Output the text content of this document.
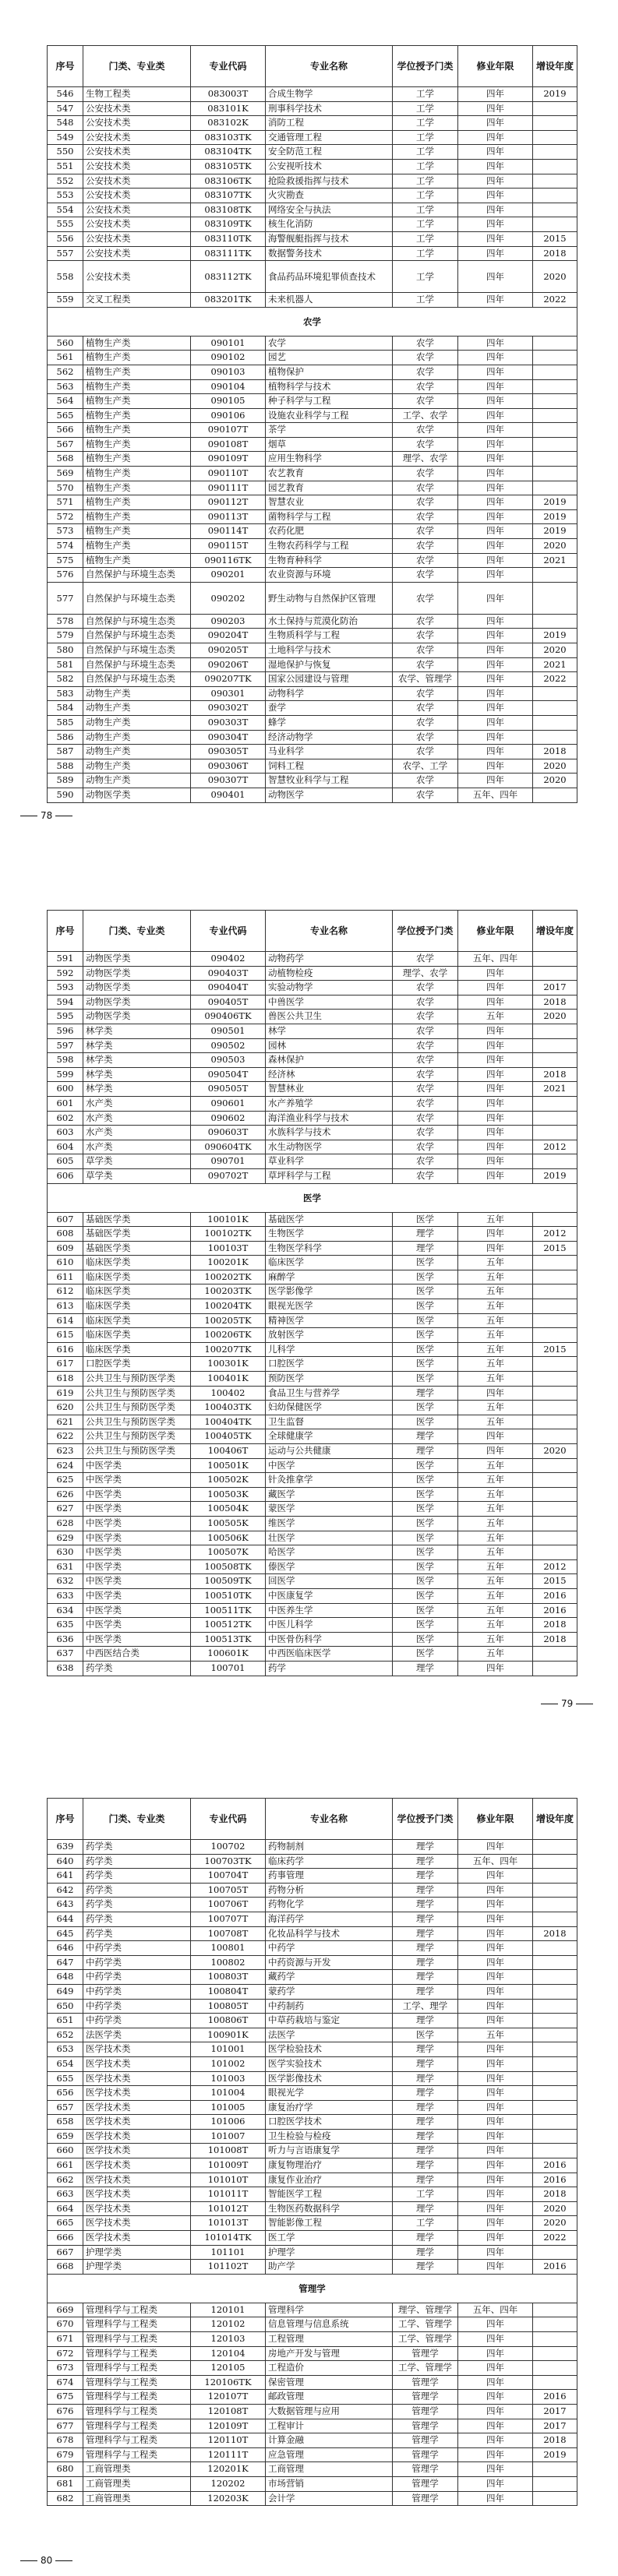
序号	门类、专业类	专业代码	专业名称	学位授予门类	修业年限	增设年度
546	生物工程类	083003T	合成生物学	工学	四年	2019
547	公安技术类	083101K	刑事科学技术	工学	四年	
548	公安技术类	083102K	消防工程	工学	四年	
549	公安技术类	083103TK	交通管理工程	工学	四年	
550	公安技术类	083104TK	安全防范工程	工学	四年	
551	公安技术类	083105TK	公安视听技术	工学	四年	
552	公安技术类	083106TK	抢险救援指挥与技术	工学	四年	
553	公安技术类	083107TK	火灾勘查	工学	四年	
554	公安技术类	083108TK	网络安全与执法	工学	四年	
555	公安技术类	083109TK	核生化消防	工学	四年	
556	公安技术类	083110TK	海警舰艇指挥与技术	工学	四年	2015
557	公安技术类	083111TK	数据警务技术	工学	四年	2018
558	公安技术类	083112TK	食品药品环境犯罪侦查技术	工学	四年	2020
559	交叉工程类	083201TK	未来机器人	工学	四年	2022
农学						
560	植物生产类	090101	农学	农学	四年	
561	植物生产类	090102	园艺	农学	四年	
562	植物生产类	090103	植物保护	农学	四年	
563	植物生产类	090104	植物科学与技术	农学	四年	
564	植物生产类	090105	种子科学与工程	农学	四年	
565	植物生产类	090106	设施农业科学与工程	工学、农学	四年	
566	植物生产类	090107T	茶学	农学	四年	
567	植物生产类	090108T	烟草	农学	四年	
568	植物生产类	090109T	应用生物科学	理学、农学	四年	
569	植物生产类	090110T	农艺教育	农学	四年	
570	植物生产类	090111T	园艺教育	农学	四年	
571	植物生产类	090112T	智慧农业	农学	四年	2019
572	植物生产类	090113T	菌物科学与工程	农学	四年	2019
573	植物生产类	090114T	农药化肥	农学	四年	2019
574	植物生产类	090115T	生物农药科学与工程	农学	四年	2020
575	植物生产类	090116TK	生物育种科学	农学	四年	2021
576	自然保护与环境生态类	090201	农业资源与环境	农学	四年	
577	自然保护与环境生态类	090202	野生动物与自然保护区管理	农学	四年	
578	自然保护与环境生态类	090203	水土保持与荒漠化防治	农学	四年	
579	自然保护与环境生态类	090204T	生物质科学与工程	农学	四年	2019
580	自然保护与环境生态类	090205T	土地科学与技术	农学	四年	2020
581	自然保护与环境生态类	090206T	湿地保护与恢复	农学	四年	2021
582	自然保护与环境生态类	090207TK	国家公园建设与管理	农学、管理学	四年	2022
583	动物生产类	090301	动物科学	农学	四年	
584	动物生产类	090302T	蚕学	农学	四年	
585	动物生产类	090303T	蜂学	农学	四年	
586	动物生产类	090304T	经济动物学	农学	四年	
587	动物生产类	090305T	马业科学	农学	四年	2018
588	动物生产类	090306T	饲料工程	农学、工学	四年	2020
589	动物生产类	090307T	智慧牧业科学与工程	农学	四年	2020
590	动物医学类	090401	动物医学	农学	五年、四年	
78
序号	门类、专业类	专业代码	专业名称	学位授予门类	修业年限	增设年度
591	动物医学类	090402	动物药学	农学	五年、四年	
592	动物医学类	090403T	动植物检疫	理学、农学	四年	
593	动物医学类	090404T	实验动物学	农学	四年	2017
594	动物医学类	090405T	中兽医学	农学	四年	2018
595	动物医学类	090406TK	兽医公共卫生	农学	五年	2020
596	林学类	090501	林学	农学	四年	
597	林学类	090502	园林	农学	四年	
598	林学类	090503	森林保护	农学	四年	
599	林学类	090504T	经济林	农学	四年	2018
600	林学类	090505T	智慧林业	农学	四年	2021
601	水产类	090601	水产养殖学	农学	四年	
602	水产类	090602	海洋渔业科学与技术	农学	四年	
603	水产类	090603T	水族科学与技术	农学	四年	
604	水产类	090604TK	水生动物医学	农学	四年	2012
605	草学类	090701	草业科学	农学	四年	
606	草学类	090702T	草坪科学与工程	农学	四年	2019
医学						
607	基础医学类	100101K	基础医学	医学	五年	
608	基础医学类	100102TK	生物医学	理学	四年	2012
609	基础医学类	100103T	生物医学科学	理学	四年	2015
610	临床医学类	100201K	临床医学	医学	五年	
611	临床医学类	100202TK	麻醉学	医学	五年	
612	临床医学类	100203TK	医学影像学	医学	五年	
613	临床医学类	100204TK	眼视光医学	医学	五年	
614	临床医学类	100205TK	精神医学	医学	五年	
615	临床医学类	100206TK	放射医学	医学	五年	
616	临床医学类	100207TK	儿科学	医学	五年	2015
617	口腔医学类	100301K	口腔医学	医学	五年	
618	公共卫生与预防医学类	100401K	预防医学	医学	五年	
619	公共卫生与预防医学类	100402	食品卫生与营养学	理学	四年	
620	公共卫生与预防医学类	100403TK	妇幼保健医学	医学	五年	
621	公共卫生与预防医学类	100404TK	卫生监督	医学	五年	
622	公共卫生与预防医学类	100405TK	全球健康学	理学	四年	
623	公共卫生与预防医学类	100406T	运动与公共健康	理学	四年	2020
624	中医学类	100501K	中医学	医学	五年	
625	中医学类	100502K	针灸推拿学	医学	五年	
626	中医学类	100503K	藏医学	医学	五年	
627	中医学类	100504K	蒙医学	医学	五年	
628	中医学类	100505K	维医学	医学	五年	
629	中医学类	100506K	壮医学	医学	五年	
630	中医学类	100507K	哈医学	医学	五年	
631	中医学类	100508TK	傣医学	医学	五年	2012
632	中医学类	100509TK	回医学	医学	五年	2015
633	中医学类	100510TK	中医康复学	医学	五年	2016
634	中医学类	100511TK	中医养生学	医学	五年	2016
635	中医学类	100512TK	中医儿科学	医学	五年	2018
636	中医学类	100513TK	中医骨伤科学	医学	五年	2018
637	中西医结合类	100601K	中西医临床医学	医学	五年	
638	药学类	100701	药学	理学	四年	
79
序号	门类、专业类	专业代码	专业名称	学位授予门类	修业年限	增设年度
639	药学类	100702	药物制剂	理学	四年	
640	药学类	100703TK	临床药学	理学	五年、四年	
641	药学类	100704T	药事管理	理学	四年	
642	药学类	100705T	药物分析	理学	四年	
643	药学类	100706T	药物化学	理学	四年	
644	药学类	100707T	海洋药学	理学	四年	
645	药学类	100708T	化妆品科学与技术	理学	四年	2018
646	中药学类	100801	中药学	理学	四年	
647	中药学类	100802	中药资源与开发	理学	四年	
648	中药学类	100803T	藏药学	理学	四年	
649	中药学类	100804T	蒙药学	理学	四年	
650	中药学类	100805T	中药制药	工学、理学	四年	
651	中药学类	100806T	中草药栽培与鉴定	理学	四年	
652	法医学类	100901K	法医学	医学	五年	
653	医学技术类	101001	医学检验技术	理学	四年	
654	医学技术类	101002	医学实验技术	理学	四年	
655	医学技术类	101003	医学影像技术	理学	四年	
656	医学技术类	101004	眼视光学	理学	四年	
657	医学技术类	101005	康复治疗学	理学	四年	
658	医学技术类	101006	口腔医学技术	理学	四年	
659	医学技术类	101007	卫生检验与检疫	理学	四年	
660	医学技术类	101008T	听力与言语康复学	理学	四年	
661	医学技术类	101009T	康复物理治疗	理学	四年	2016
662	医学技术类	101010T	康复作业治疗	理学	四年	2016
663	医学技术类	101011T	智能医学工程	工学	四年	2018
664	医学技术类	101012T	生物医药数据科学	理学	四年	2020
665	医学技术类	101013T	智能影像工程	工学	四年	2020
666	医学技术类	101014TK	医工学	理学	四年	2022
667	护理学类	101101	护理学	理学	四年	
668	护理学类	101102T	助产学	理学	四年	2016
管理学						
669	管理科学与工程类	120101	管理科学	理学、管理学	五年、四年	
670	管理科学与工程类	120102	信息管理与信息系统	工学、管理学	四年	
671	管理科学与工程类	120103	工程管理	工学、管理学	四年	
672	管理科学与工程类	120104	房地产开发与管理	管理学	四年	
673	管理科学与工程类	120105	工程造价	工学、管理学	四年	
674	管理科学与工程类	120106TK	保密管理	管理学	四年	
675	管理科学与工程类	120107T	邮政管理	管理学	四年	2016
676	管理科学与工程类	120108T	大数据管理与应用	管理学	四年	2017
677	管理科学与工程类	120109T	工程审计	管理学	四年	2017
678	管理科学与工程类	120110T	计算金融	管理学	四年	2018
679	管理科学与工程类	120111T	应急管理	管理学	四年	2019
680	工商管理类	120201K	工商管理	管理学	四年	
681	工商管理类	120202	市场营销	管理学	四年	
682	工商管理类	120203K	会计学	管理学	四年	
80
